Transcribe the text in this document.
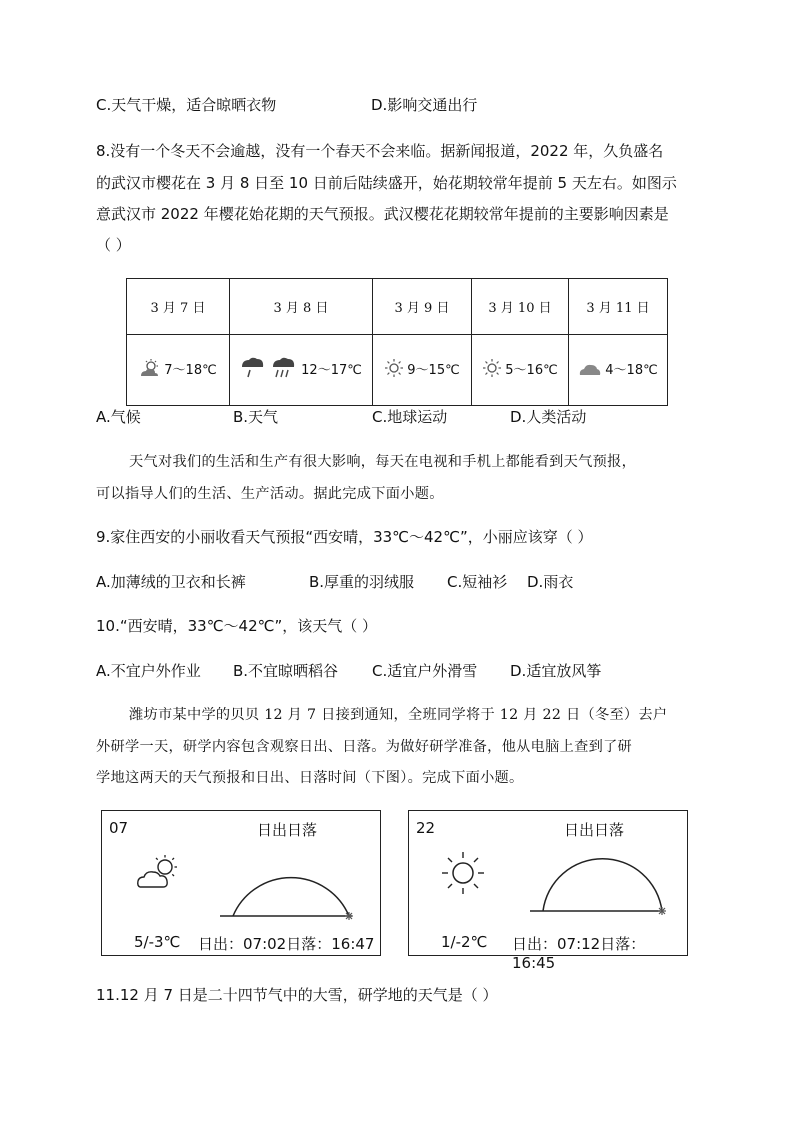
C.天气干燥，适合晾晒衣物	D.影响交通出行
8.没有一个冬天不会逾越，没有一个春天不会来临。据新闻报道，2022 年，久负盛名
的武汉市樱花在 3 月 8 日至 10 日前后陆续盛开，始花期较常年提前 5 天左右。如图示
意武汉市 2022 年樱花始花期的天气预报。武汉樱花花期较常年提前的主要影响因素是
（ ）
3 月 7 日	3 月 8 日	3 月 9 日	3 月 10 日	3 月 11 日

7～18℃	12～17℃	9～15℃	5～16℃	4～18℃
A.气候	B.天气	C.地球运动	D.人类活动
天气对我们的生活和生产有很大影响，每天在电视和手机上都能看到天气预报，
可以指导人们的生活、生产活动。据此完成下面小题。
9.家住西安的小丽收看天气预报“西安晴，33℃～42℃”，小丽应该穿（ ）
A.加薄绒的卫衣和长裤	B.厚重的羽绒服 C.短袖衫 D.雨衣
10.“西安晴，33℃～42℃”，该天气（ ）
A.不宜户外作业 B.不宜晾晒稻谷 C.适宜户外滑雪 D.适宜放风筝
潍坊市某中学的贝贝 12 月 7 日接到通知，全班同学将于 12 月 22 日（冬至）去户
外研学一天，研学内容包含观察日出、日落。为做好研学准备，他从电脑上查到了研
学地这两天的天气预报和日出、日落时间（下图）。完成下面小题。
07	日出日落
5/-3℃ 日出：07:02日落：16:47
22	日出日落
1/-2℃ 日出：07:12日落：16:45
11.12 月 7 日是二十四节气中的大雪，研学地的天气是（ ）
